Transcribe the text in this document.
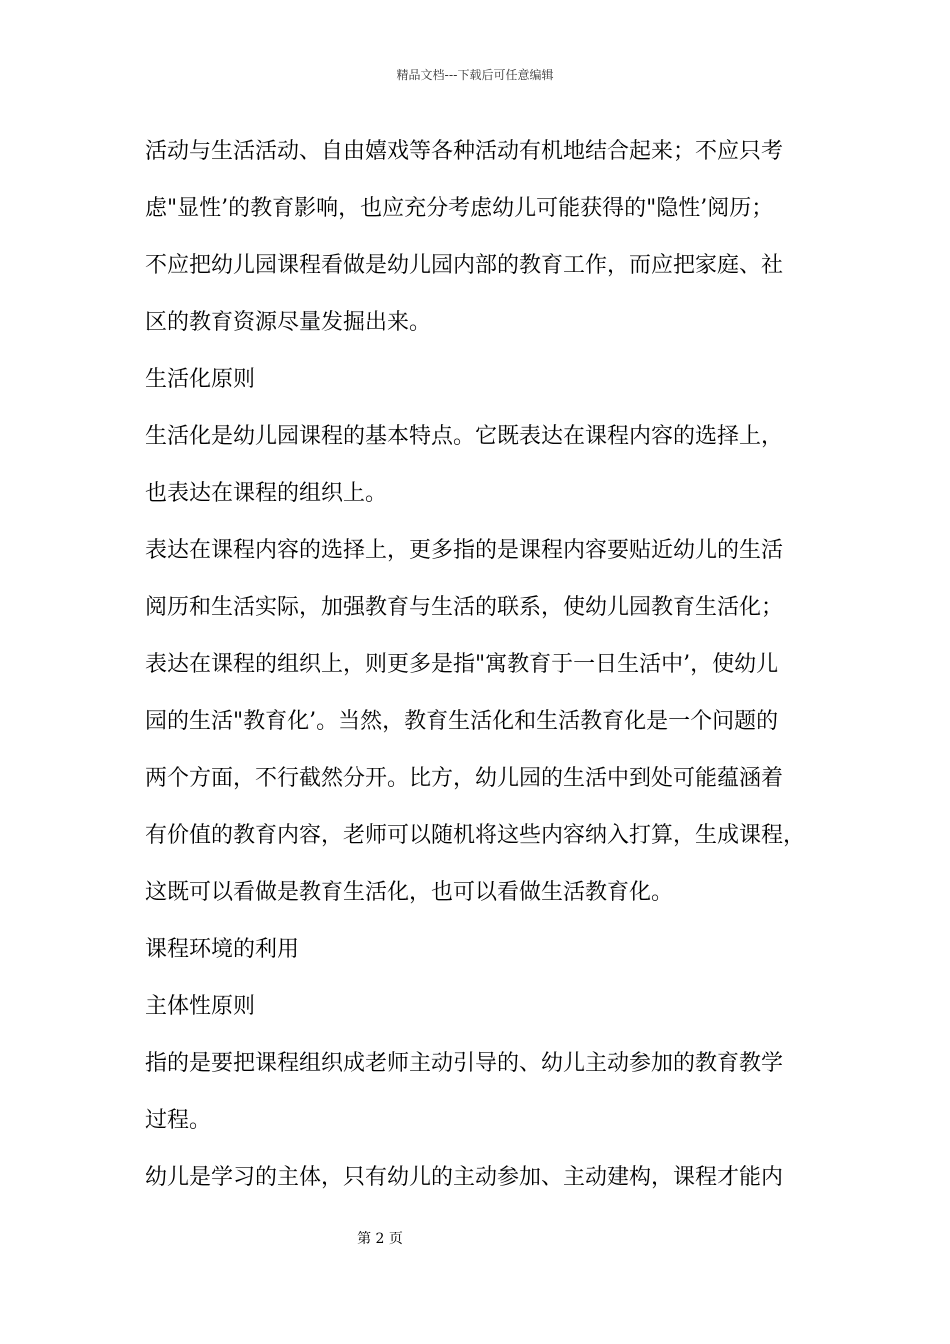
精品文档---下载后可任意编辑
活动与生活活动、自由嬉戏等各种活动有机地结合起来；不应只考
虑"显性’的教育影响，也应充分考虑幼儿可能获得的"隐性’阅历；
不应把幼儿园课程看做是幼儿园内部的教育工作，而应把家庭、社
区的教育资源尽量发掘出来。
生活化原则
生活化是幼儿园课程的基本特点。它既表达在课程内容的选择上，
也表达在课程的组织上。
表达在课程内容的选择上，更多指的是课程内容要贴近幼儿的生活
阅历和生活实际，加强教育与生活的联系，使幼儿园教育生活化；
表达在课程的组织上，则更多是指"寓教育于一日生活中’，使幼儿
园的生活"教育化’。当然，教育生活化和生活教育化是一个问题的
两个方面，不行截然分开。比方，幼儿园的生活中到处可能蕴涵着
有价值的教育内容，老师可以随机将这些内容纳入打算，生成课程，
这既可以看做是教育生活化，也可以看做生活教育化。
课程环境的利用
主体性原则
指的是要把课程组织成老师主动引导的、幼儿主动参加的教育教学
过程。
幼儿是学习的主体，只有幼儿的主动参加、主动建构，课程才能内
第 2 页
